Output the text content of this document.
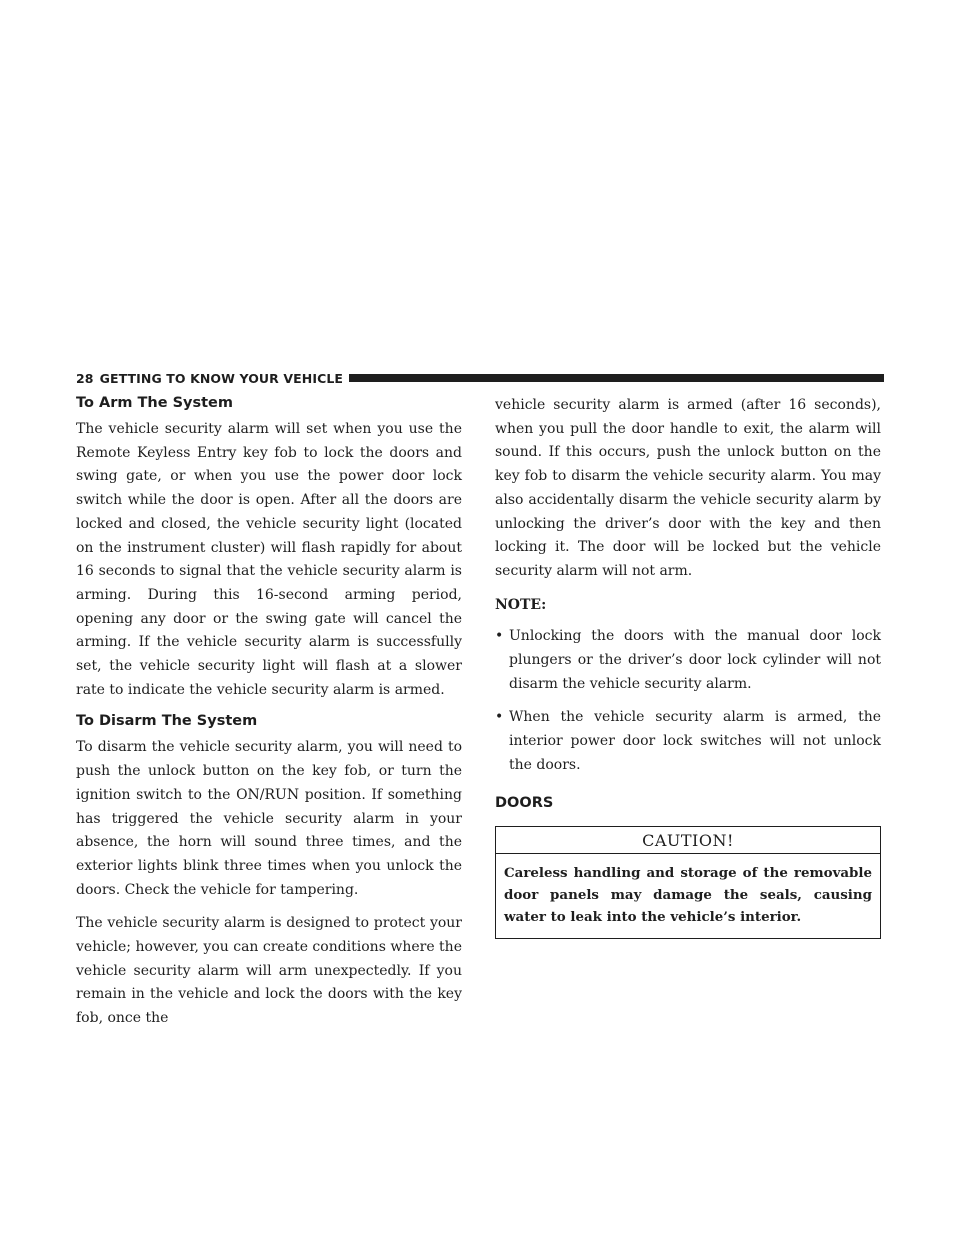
28 GETTING TO KNOW YOUR VEHICLE
To Arm The System

The vehicle security alarm will set when you use the Remote Keyless Entry key fob to lock the doors and swing gate, or when you use the power door lock switch while the door is open. After all the doors are locked and closed, the vehicle security light (located on the instrument cluster) will flash rapidly for about 16 seconds to signal that the vehicle security alarm is arming. During this 16-second arming period, opening any door or the swing gate will cancel the arming. If the vehicle security alarm is successfully set, the vehicle security light will flash at a slower rate to indicate the vehicle security alarm is armed.

To Disarm The System

To disarm the vehicle security alarm, you will need to push the unlock button on the key fob, or turn the ignition switch to the ON/RUN position. If something has triggered the vehicle security alarm in your absence, the horn will sound three times, and the exterior lights blink three times when you unlock the doors. Check the vehicle for tampering.

The vehicle security alarm is designed to protect your vehicle; however, you can create conditions where the vehicle security alarm will arm unexpectedly. If you remain in the vehicle and lock the doors with the key fob, once the

vehicle security alarm is armed (after 16 seconds), when you pull the door handle to exit, the alarm will sound. If this occurs, push the unlock button on the key fob to disarm the vehicle security alarm. You may also accidentally disarm the vehicle security alarm by unlocking the driver’s door with the key and then locking it. The door will be locked but the vehicle security alarm will not arm.

NOTE:
• Unlocking the doors with the manual door lock plungers or the driver’s door lock cylinder will not disarm the vehicle security alarm.
• When the vehicle security alarm is armed, the interior power door lock switches will not unlock the doors.
DOORS
CAUTION!
Careless handling and storage of the removable door panels may damage the seals, causing water to leak into the vehicle’s interior.
